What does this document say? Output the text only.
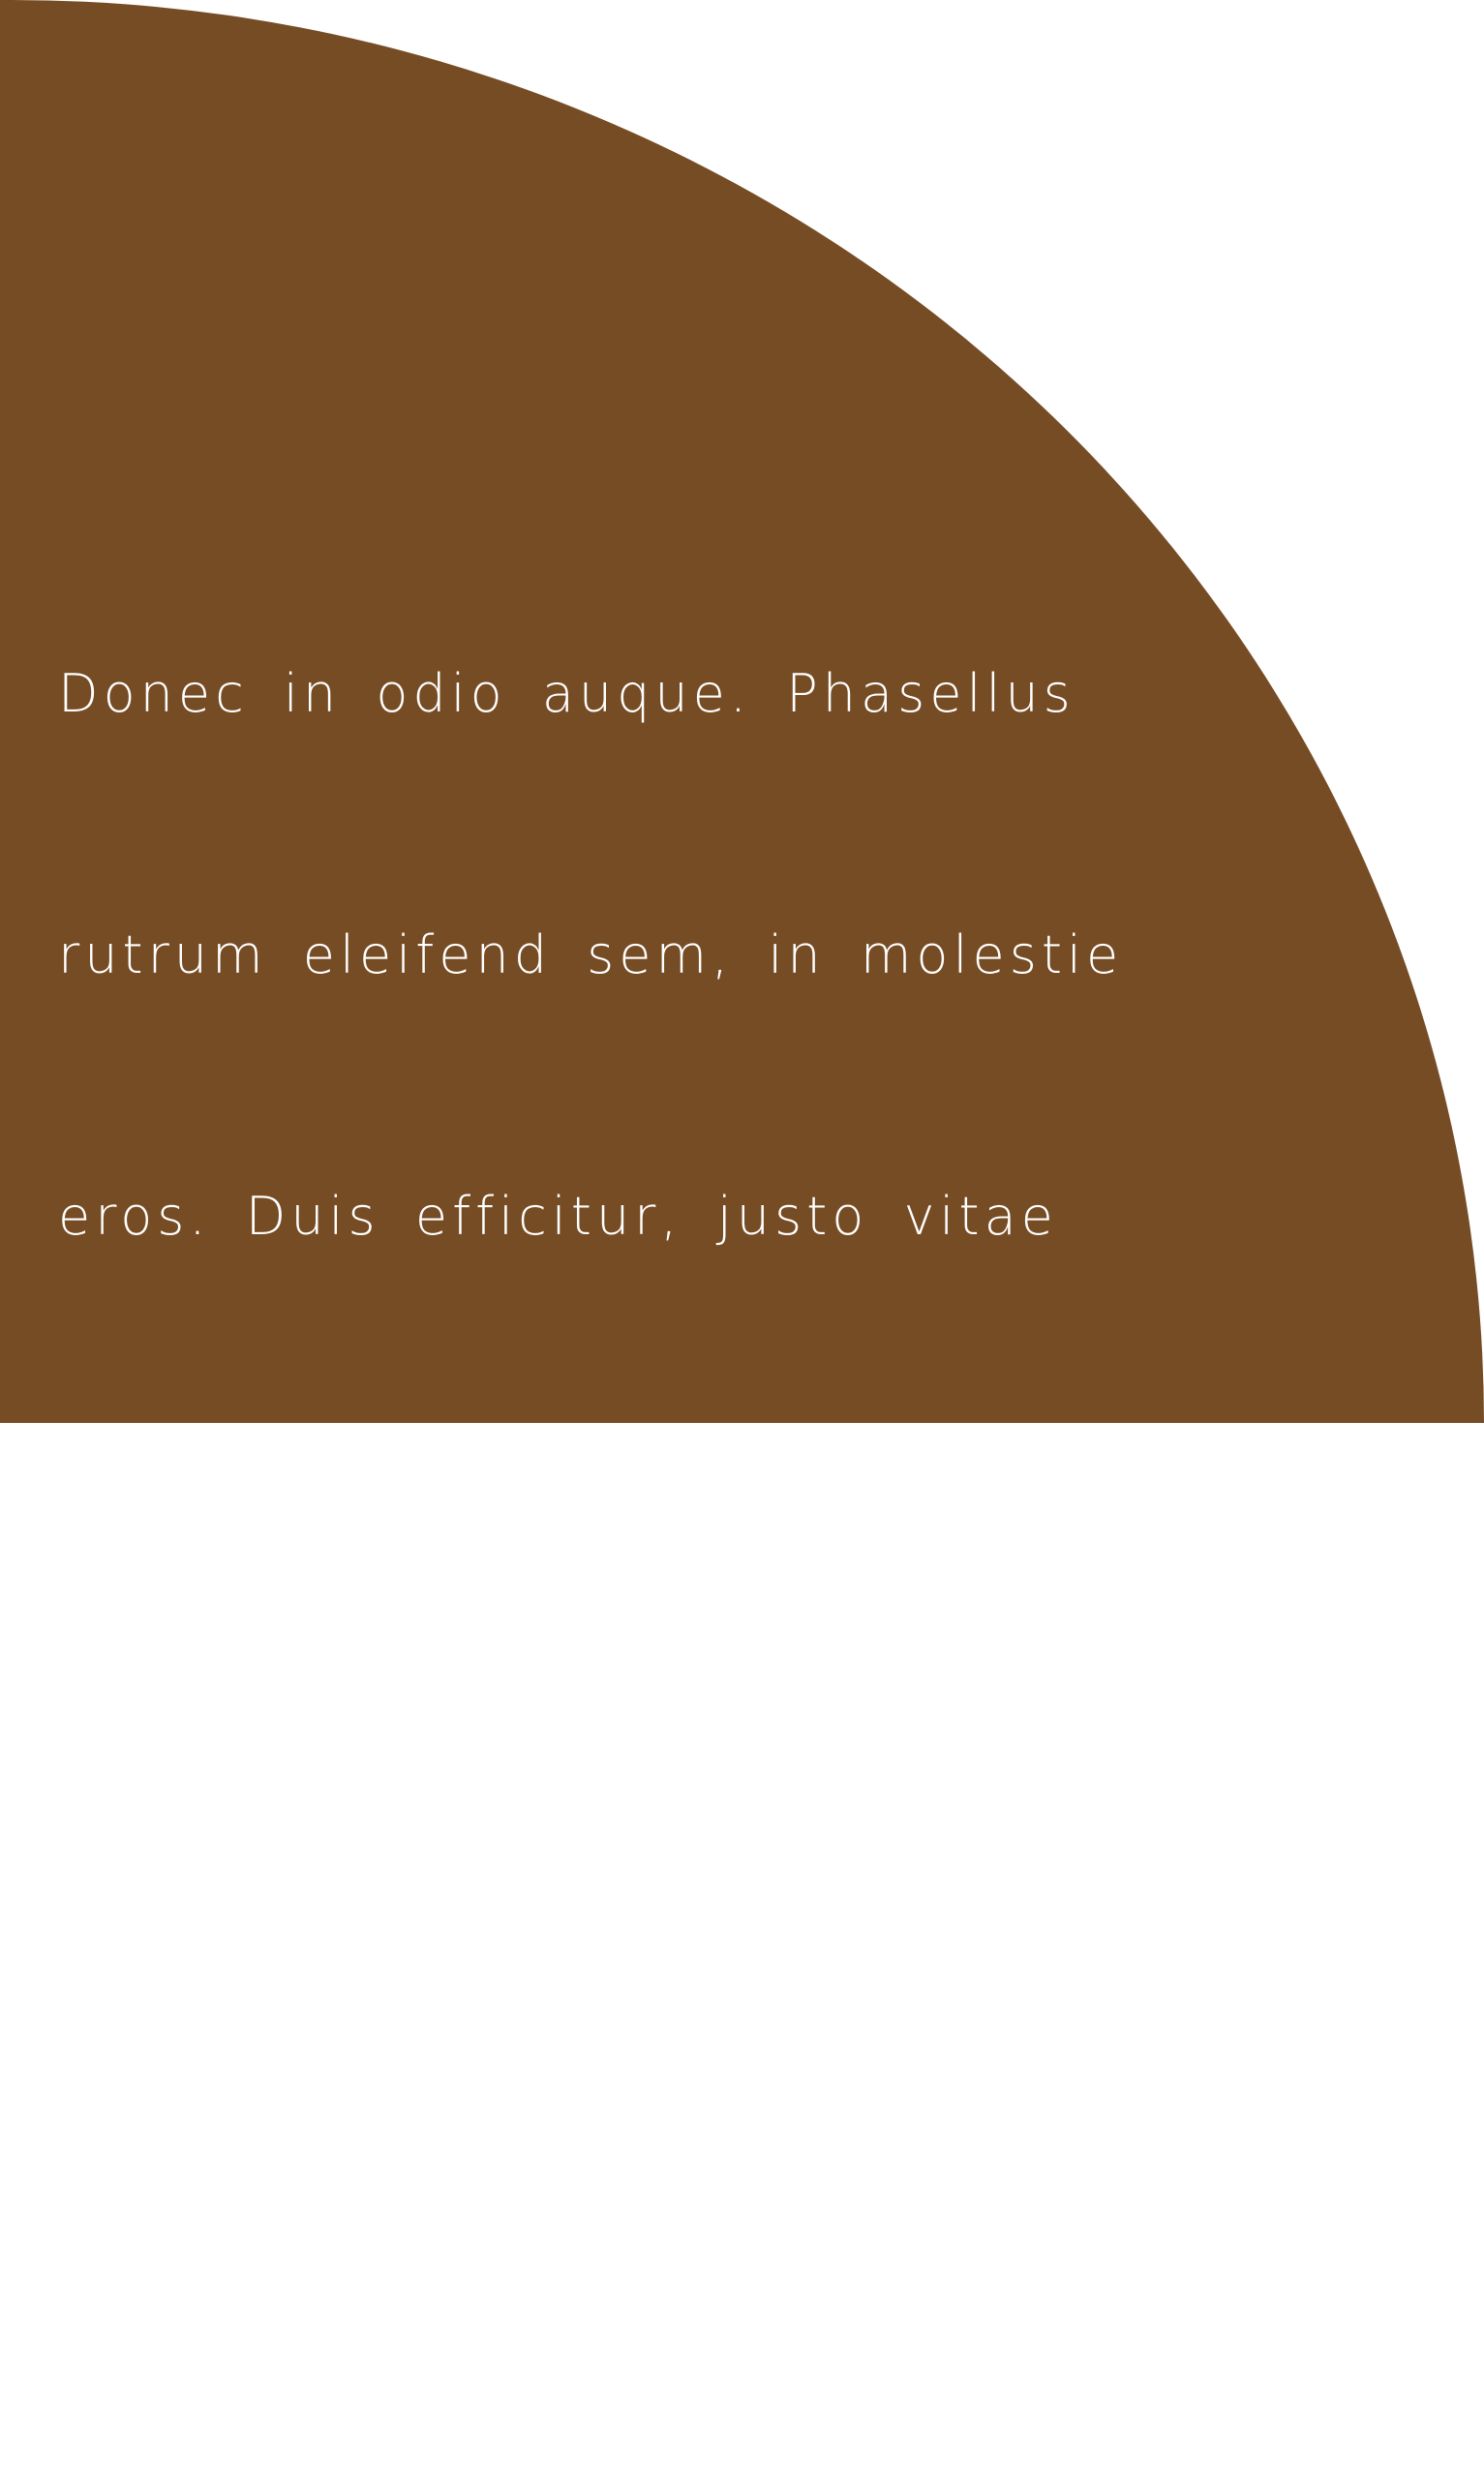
Donec in odio auque. Phasellus

rutrum eleifend sem, in molestie

eros. Duis efficitur, justo vitae

porta maximus, odio risus ornare

dolor, ac eleifend leo justo non libero.

Duis auctor vulputate dui sed dignissim.

Morbi eu consectetur justo, nec
